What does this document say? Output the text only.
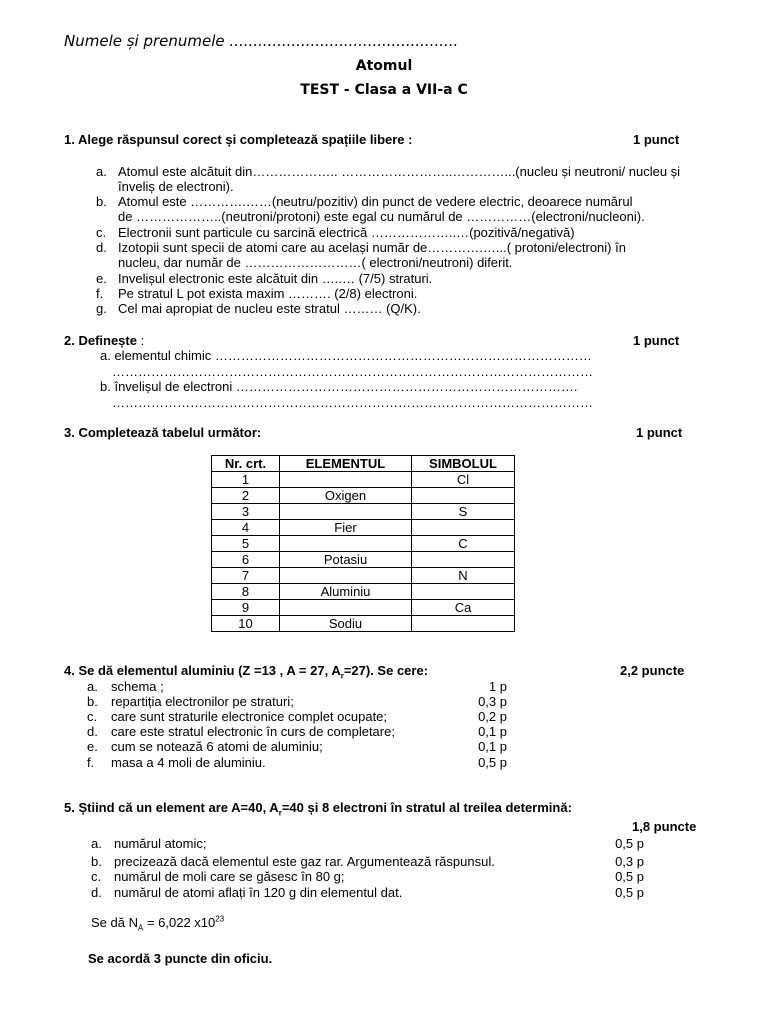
Numele și prenumele ................................................
Atomul
TEST - Clasa a VII-a C
1. Alege răspunsul corect și completează spațiile libere :	1 punct
a. Atomul este alcătuit din……………….. ……………………..…………...(nucleu și neutroni/ nucleu și
înveliș de electroni).
b. Atomul este ………….……(neutru/pozitiv) din punct de vedere electric, deoarece numărul
de ………………..(neutroni/protoni) este egal cu numărul de ……………(electroni/nucleoni).
c. Electronii sunt particule cu sarcină electrică ………………..…(pozitivă/negativă)
d. Izotopii sunt specii de atomi care au același număr de………….…...( protoni/electroni) în
nucleu, dar număr de ………………………( electroni/neutroni) diferit.
e. Invelișul electronic este alcătuit din …..… (7/5) straturi.
f. Pe stratul L pot exista maxim ………. (2/8) electroni.
g. Cel mai apropiat de nucleu este stratul ……… (Q/K).
2. Definește :	1 punct
a. elementul chimic ……………………………………………………………………………
…………………………………………………………………………………………………
b. învelișul de electroni …………………………………………………………………….
…………………………………………………………………………………………………
3. Completează tabelul următor:	1 punct
Nr. crt.	ELEMENTUL	SIMBOLUL
1		Cl
2	Oxigen	
3		S
4	Fier	
5		C
6	Potasiu	
7		N
8	Aluminiu	
9		Ca
10	Sodiu	
4. Se dă elementul aluminiu (Z =13 , A = 27, $A_r=27$). Se cere:	2,2 puncte
a. schema ;	1 p
b. repartiția electronilor pe straturi;	0,3 p
c. care sunt straturile electronice complet ocupate;	0,2 p
d. care este stratul electronic în curs de completare;	0,1 p
e. cum se notează 6 atomi de aluminiu;	0,1 p
f. masa a 4 moli de aluminiu.	0,5 p
5. Știind că un element are A=40, $A_r=40$ și 8 electroni în stratul al treilea determină:
1,8 puncte
a. numărul atomic;	0,5 p
b. precizează dacă elementul este gaz rar. Argumentează răspunsul.	0,3 p
c. numărul de moli care se găsesc în 80 g;	0,5 p
d. numărul de atomi aflați în 120 g din elementul dat.	0,5 p
Se dă $N_A = 6,022$ $x10^{23}$
Se acordă 3 puncte din oficiu.
